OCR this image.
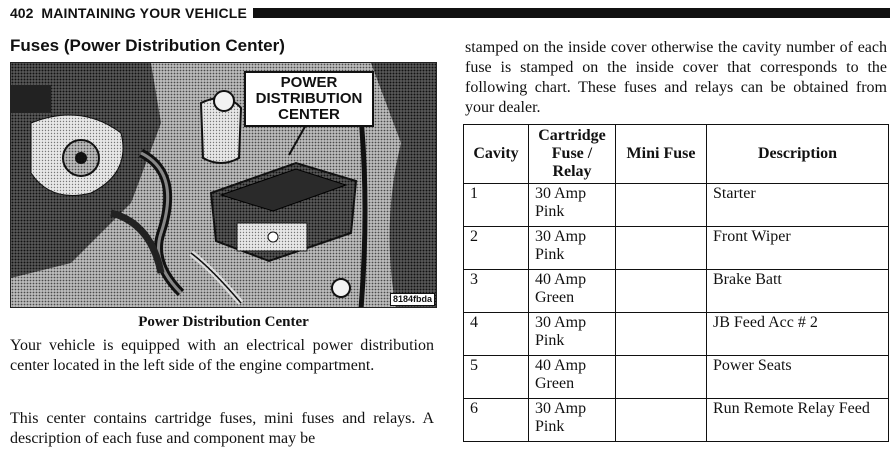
402 MAINTAINING YOUR VEHICLE
Fuses (Power Distribution Center)
POWER
DISTRIBUTION
CENTER
8184fbda
Power Distribution Center
Your vehicle is equipped with an electrical power distribution center located in the left side of the engine compartment.
This center contains cartridge fuses, mini fuses and relays. A description of each fuse and component may be
stamped on the inside cover otherwise the cavity number of each fuse is stamped on the inside cover that corresponds to the following chart. These fuses and relays can be obtained from your dealer.
Cavity	Cartridge Fuse / Relay	Mini Fuse	Description
1	30 Amp Pink		Starter
2	30 Amp Pink		Front Wiper
3	40 Amp Green		Brake Batt
4	30 Amp Pink		JB Feed Acc # 2
5	40 Amp Green		Power Seats
6	30 Amp Pink		Run Remote Relay Feed
